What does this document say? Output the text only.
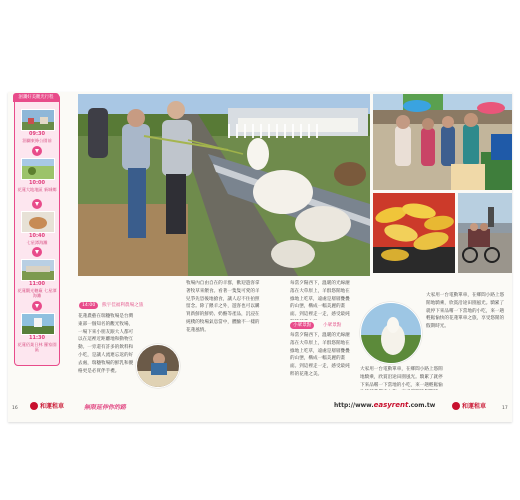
洄瀾好美觀光行程
09:30
洄瀾東條公園前
10:00
花蓮大地地區 新城鄉
10:40
七星潭海灘
11:00
花蓮觀光糖廠 七星潭海灘
11:30
花蓮佰業日林 羅家園區
14:00	熊宇佳福利農場之旅
花蓮農藝在瑞穗牧場是台灣東部一個知名的觀光牧場，一場下來小朋友跟大人都可以在這裡近距離地和動物互動。一旁還有許多的飲料和小吃，是讓人流連忘返的好去處，瑞穗牧場的鮮乳和優格更是必買伴手禮。
牧場內自由自在的羊群，歡迎遊客拿著牧草來餵食。看著一隻隻可愛的羊兒爭先恐後地搶食，讓人忍不住拍照留念。除了餵羊之外，遊客也可以購買新鮮的鮮奶、奶酪等產品，沉浸在純樸的牧場氣息當中，體驗不一樣的花蓮風情。
每當夕陽西下，溫暖的光線灑落在大草原上，羊群悠閒地在綠地上吃草，遠處是層層疊疊的山巒，構成一幅美麗的畫面。到這裡走一走，感受最純
小眾景點	小眾景點
每當夕陽西下，溫暖的光線灑落在大草原上，羊群悠閒地在綠地上吃草，遠處是層層疊疊的山巒，構成一幅美麗的畫面。到這裡走一走，感受最純粹的花蓮之美。
大家用一台電動單車，在鄉間小路上悠閒地騎乘，欣賞沿途田園風光。騎累了就停下來品嚐一下當地的小吃，來一趟輕鬆愉快的花蓮單車之旅，享受悠閒的假期時光。
大家用一台電動單車，在鄉間小路上悠閒地騎乘，欣賞沿途田園風光。騎累了就停下來品嚐一下當地的小吃，來一趟輕鬆愉
16	和運租車	無限延伸你的路	http://www.easyrent.com.tw	和運租車	17
